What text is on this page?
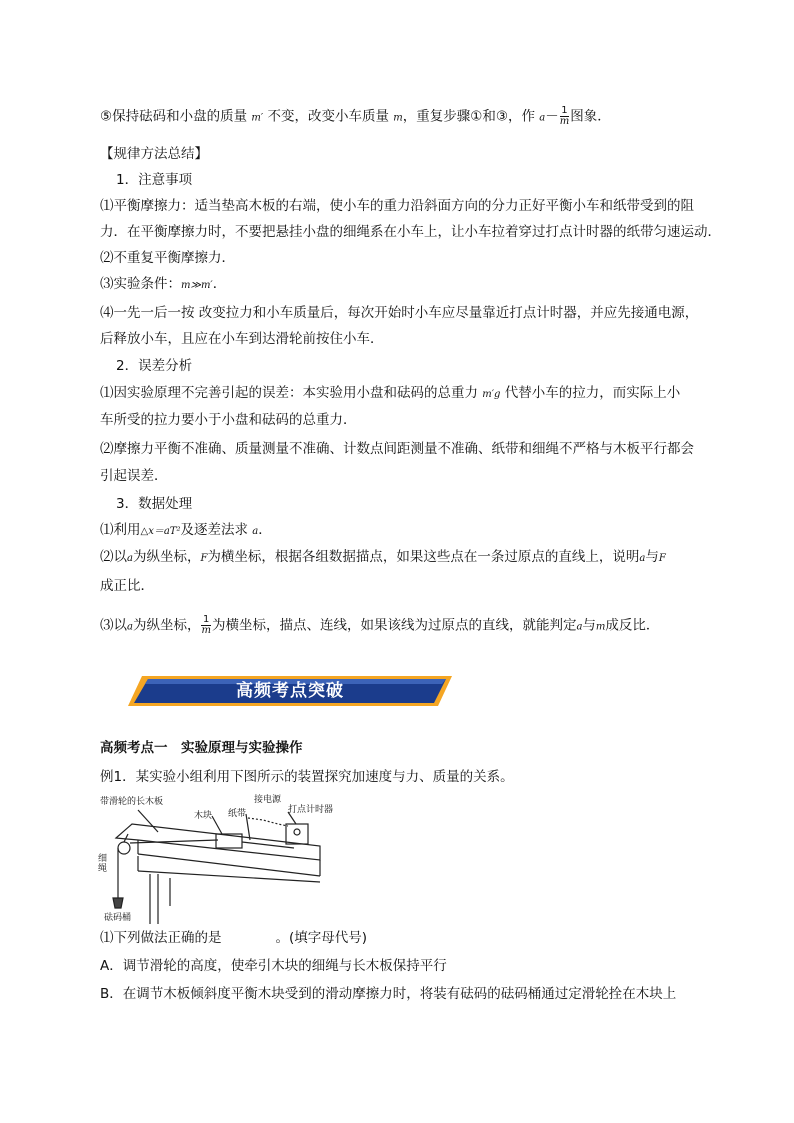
⑤保持砝码和小盘的质量 m′ 不变，改变小车质量 m，重复步骤①和③，作 $a- \frac{1}{m}$ 图象．
【规律方法总结】
1．注意事项
⑴平衡摩擦力：适当垫高木板的右端，使小车的重力沿斜面方向的分力正好平衡小车和纸带受到的阻
力．在平衡摩擦力时，不要把悬挂小盘的细绳系在小车上，让小车拉着穿过打点计时器的纸带匀速运动．
⑵不重复平衡摩擦力．
⑶实验条件：m≫m′．
⑷一先一后一按 改变拉力和小车质量后，每次开始时小车应尽量靠近打点计时器，并应先接通电源，
后释放小车，且应在小车到达滑轮前按住小车．
2．误差分析
⑴因实验原理不完善引起的误差：本实验用小盘和砝码的总重力 m′g 代替小车的拉力，而实际上小
车所受的拉力要小于小盘和砝码的总重力．
⑵摩擦力平衡不准确、质量测量不准确、计数点间距测量不准确、纸带和细绳不严格与木板平行都会
引起误差．
3．数据处理
⑴利用△x＝aT²及逐差法求 a．
⑵以a为纵坐标，F为横坐标，根据各组数据描点，如果这些点在一条过原点的直线上，说明a与F
成正比．
⑶以a为纵坐标， $\frac{1}{m}$ 为横坐标，描点、连线，如果该线为过原点的直线，就能判定a与m成反比．
高频考点突破
高频考点一　实验原理与实验操作
例1．某实验小组利用下图所示的装置探究加速度与力、质量的关系。
带滑轮的长木板
木块 纸带
接电源
打点计时器
细绳
砝码桶
⑴下列做法正确的是　　　　。(填字母代号)
A．调节滑轮的高度，使牵引木块的细绳与长木板保持平行
B．在调节木板倾斜度平衡木块受到的滑动摩擦力时，将装有砝码的砝码桶通过定滑轮拴在木块上
